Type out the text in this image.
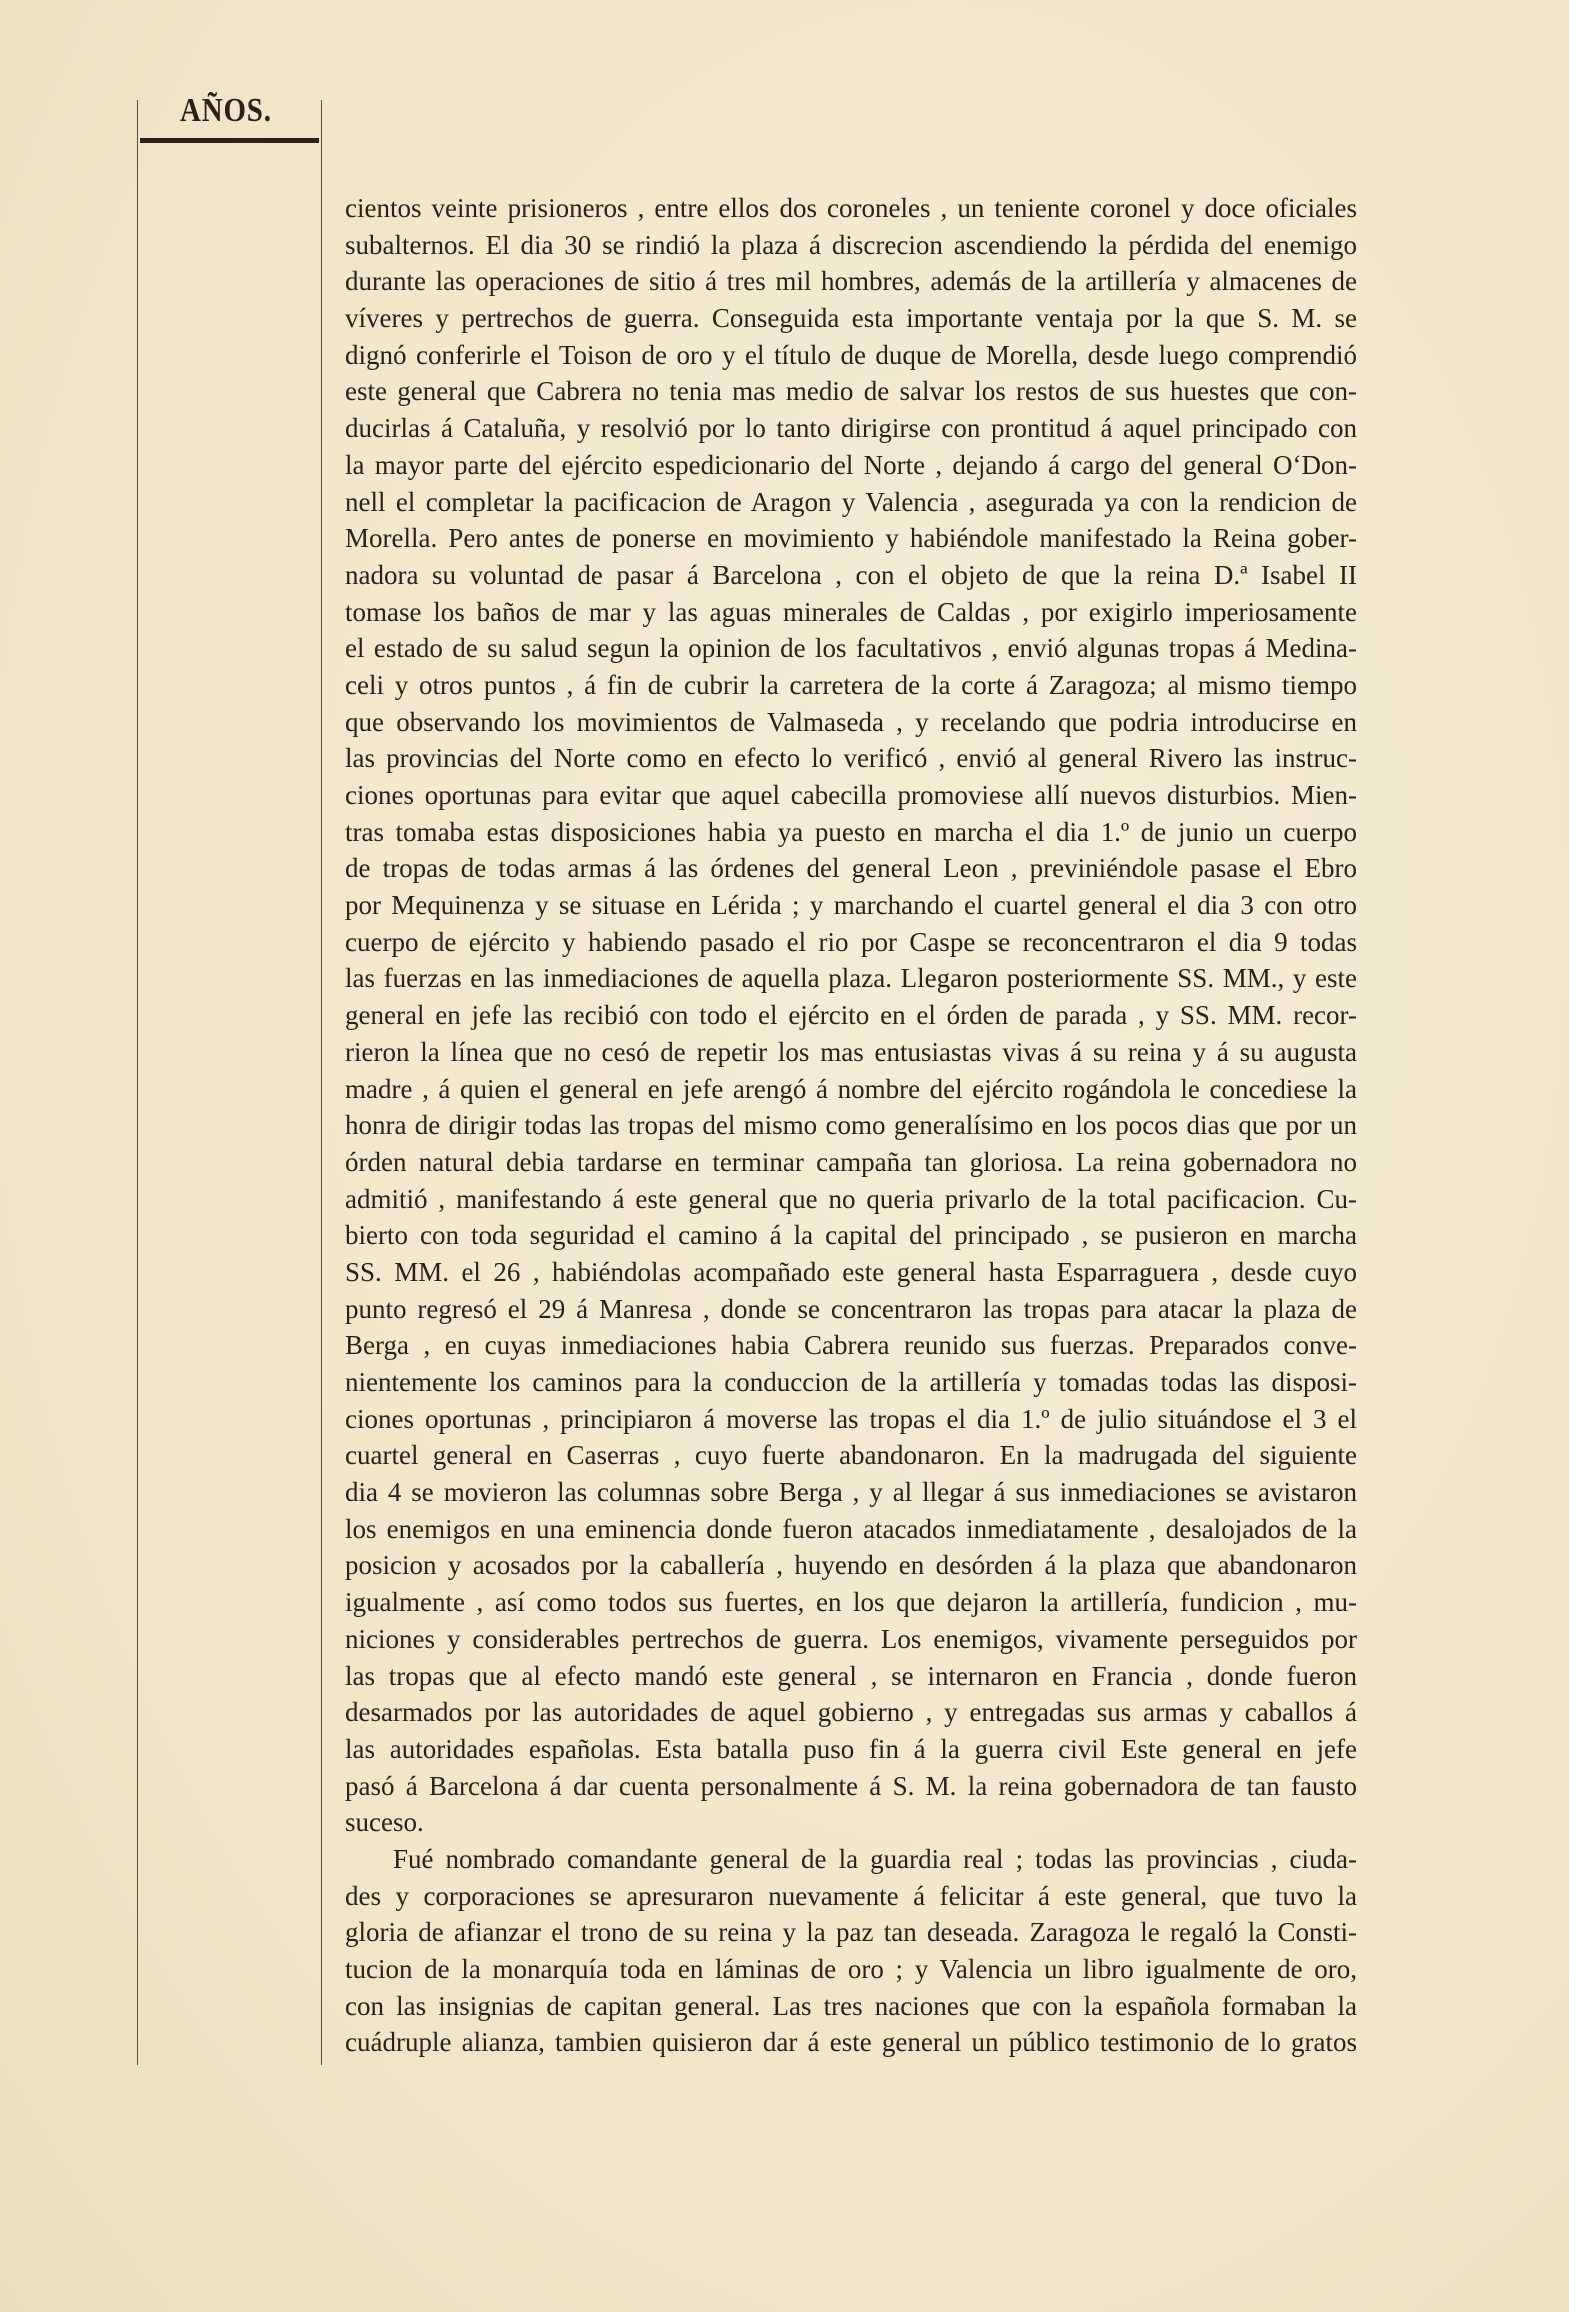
AÑOS.
cientos veinte prisioneros , entre ellos dos coroneles , un teniente coronel y doce oficiales
subalternos. El dia 30 se rindió la plaza á discrecion ascendiendo la pérdida del enemigo
durante las operaciones de sitio á tres mil hombres, además de la artillería y almacenes de
víveres y pertrechos de guerra. Conseguida esta importante ventaja por la que S. M. se
dignó conferirle el Toison de oro y el título de duque de Morella, desde luego comprendió
este general que Cabrera no tenia mas medio de salvar los restos de sus huestes que con-
ducirlas á Cataluña, y resolvió por lo tanto dirigirse con prontitud á aquel principado con
la mayor parte del ejército espedicionario del Norte , dejando á cargo del general O‘Don-
nell el completar la pacificacion de Aragon y Valencia , asegurada ya con la rendicion de
Morella. Pero antes de ponerse en movimiento y habiéndole manifestado la Reina gober-
nadora su voluntad de pasar á Barcelona , con el objeto de que la reina D.ª Isabel II
tomase los baños de mar y las aguas minerales de Caldas , por exigirlo imperiosamente
el estado de su salud segun la opinion de los facultativos , envió algunas tropas á Medina-
celi y otros puntos , á fin de cubrir la carretera de la corte á Zaragoza; al mismo tiempo
que observando los movimientos de Valmaseda , y recelando que podria introducirse en
las provincias del Norte como en efecto lo verificó , envió al general Rivero las instruc-
ciones oportunas para evitar que aquel cabecilla promoviese allí nuevos disturbios. Mien-
tras tomaba estas disposiciones habia ya puesto en marcha el dia 1.º de junio un cuerpo
de tropas de todas armas á las órdenes del general Leon , previniéndole pasase el Ebro
por Mequinenza y se situase en Lérida ; y marchando el cuartel general el dia 3 con otro
cuerpo de ejército y habiendo pasado el rio por Caspe se reconcentraron el dia 9 todas
las fuerzas en las inmediaciones de aquella plaza. Llegaron posteriormente SS. MM., y este
general en jefe las recibió con todo el ejército en el órden de parada , y SS. MM. recor-
rieron la línea que no cesó de repetir los mas entusiastas vivas á su reina y á su augusta
madre , á quien el general en jefe arengó á nombre del ejército rogándola le concediese la
honra de dirigir todas las tropas del mismo como generalísimo en los pocos dias que por un
órden natural debia tardarse en terminar campaña tan gloriosa. La reina gobernadora no
admitió , manifestando á este general que no queria privarlo de la total pacificacion. Cu-
bierto con toda seguridad el camino á la capital del principado , se pusieron en marcha
SS. MM. el 26 , habiéndolas acompañado este general hasta Esparraguera , desde cuyo
punto regresó el 29 á Manresa , donde se concentraron las tropas para atacar la plaza de
Berga , en cuyas inmediaciones habia Cabrera reunido sus fuerzas. Preparados conve-
nientemente los caminos para la conduccion de la artillería y tomadas todas las disposi-
ciones oportunas , principiaron á moverse las tropas el dia 1.º de julio situándose el 3 el
cuartel general en Caserras , cuyo fuerte abandonaron. En la madrugada del siguiente
dia 4 se movieron las columnas sobre Berga , y al llegar á sus inmediaciones se avistaron
los enemigos en una eminencia donde fueron atacados inmediatamente , desalojados de la
posicion y acosados por la caballería , huyendo en desórden á la plaza que abandonaron
igualmente , así como todos sus fuertes, en los que dejaron la artillería, fundicion , mu-
niciones y considerables pertrechos de guerra. Los enemigos, vivamente perseguidos por
las tropas que al efecto mandó este general , se internaron en Francia , donde fueron
desarmados por las autoridades de aquel gobierno , y entregadas sus armas y caballos á
las autoridades españolas. Esta batalla puso fin á la guerra civil Este general en jefe
pasó á Barcelona á dar cuenta personalmente á S. M. la reina gobernadora de tan fausto
suceso.
Fué nombrado comandante general de la guardia real ; todas las provincias , ciuda-
des y corporaciones se apresuraron nuevamente á felicitar á este general, que tuvo la
gloria de afianzar el trono de su reina y la paz tan deseada. Zaragoza le regaló la Consti-
tucion de la monarquía toda en láminas de oro ; y Valencia un libro igualmente de oro,
con las insignias de capitan general. Las tres naciones que con la española formaban la
cuádruple alianza, tambien quisieron dar á este general un público testimonio de lo gratos
